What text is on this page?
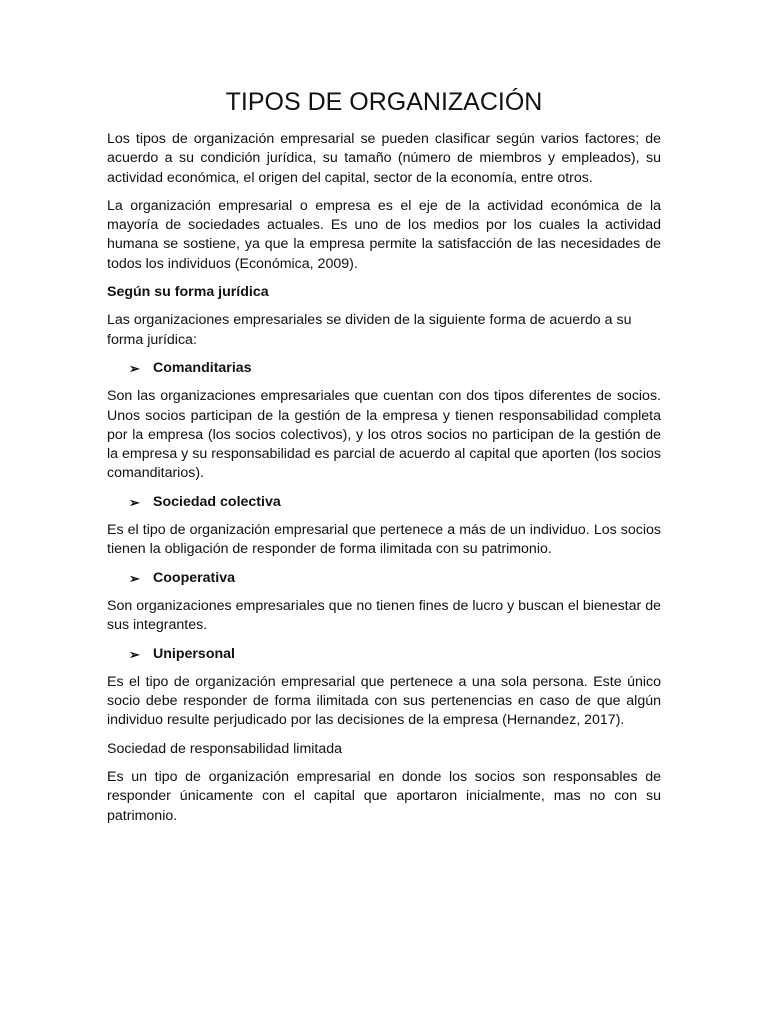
TIPOS DE ORGANIZACIÓN

Los tipos de organización empresarial se pueden clasificar según varios factores; de acuerdo a su condición jurídica, su tamaño (número de miembros y empleados), su actividad económica, el origen del capital, sector de la economía, entre otros.

La organización empresarial o empresa es el eje de la actividad económica de la mayoría de sociedades actuales. Es uno de los medios por los cuales la actividad humana se sostiene, ya que la empresa permite la satisfacción de las necesidades de todos los individuos (Económica, 2009).

Según su forma jurídica

Las organizaciones empresariales se dividen de la siguiente forma de acuerdo a su forma jurídica:

➢ Comanditarias

Son las organizaciones empresariales que cuentan con dos tipos diferentes de socios. Unos socios participan de la gestión de la empresa y tienen responsabilidad completa por la empresa (los socios colectivos), y los otros socios no participan de la gestión de la empresa y su responsabilidad es parcial de acuerdo al capital que aporten (los socios comanditarios).

➢ Sociedad colectiva

Es el tipo de organización empresarial que pertenece a más de un individuo. Los socios tienen la obligación de responder de forma ilimitada con su patrimonio.

➢ Cooperativa

Son organizaciones empresariales que no tienen fines de lucro y buscan el bienestar de sus integrantes.

➢ Unipersonal

Es el tipo de organización empresarial que pertenece a una sola persona. Este único socio debe responder de forma ilimitada con sus pertenencias en caso de que algún individuo resulte perjudicado por las decisiones de la empresa (Hernandez, 2017).

Sociedad de responsabilidad limitada

Es un tipo de organización empresarial en donde los socios son responsables de responder únicamente con el capital que aportaron inicialmente, mas no con su patrimonio.
